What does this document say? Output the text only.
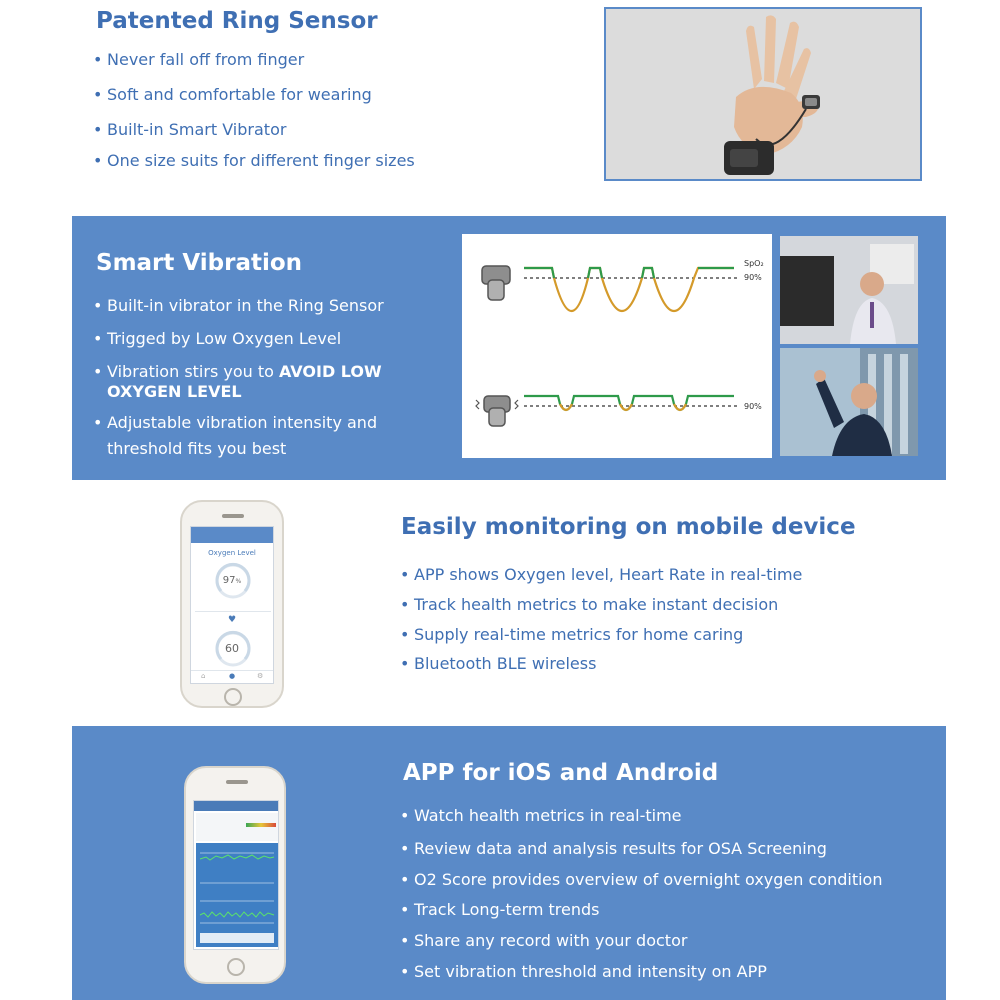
Patented Ring Sensor
• Never fall off from finger
• Soft and comfortable for wearing
• Built-in Smart Vibrator
• One size suits for different finger sizes
Smart Vibration
• Built-in vibrator in the Ring Sensor
• Trigged by Low Oxygen Level
• Vibration stirs you to AVOID LOW OXYGEN LEVEL
• Adjustable vibration intensity and threshold fits you best
SpO₂
90%
90%
Oxygen Level
97%
♥
60
⌂	●	⚙
Easily monitoring on mobile device
• APP shows Oxygen level, Heart Rate in real-time
• Track health metrics to make instant decision
• Supply real-time metrics for home caring
• Bluetooth BLE wireless
APP for iOS and Android
• Watch health metrics in real-time
• Review data and analysis results for OSA Screening
• O2 Score provides overview of overnight oxygen condition
• Track Long-term trends
• Share any record with your doctor
• Set vibration threshold and intensity on APP
